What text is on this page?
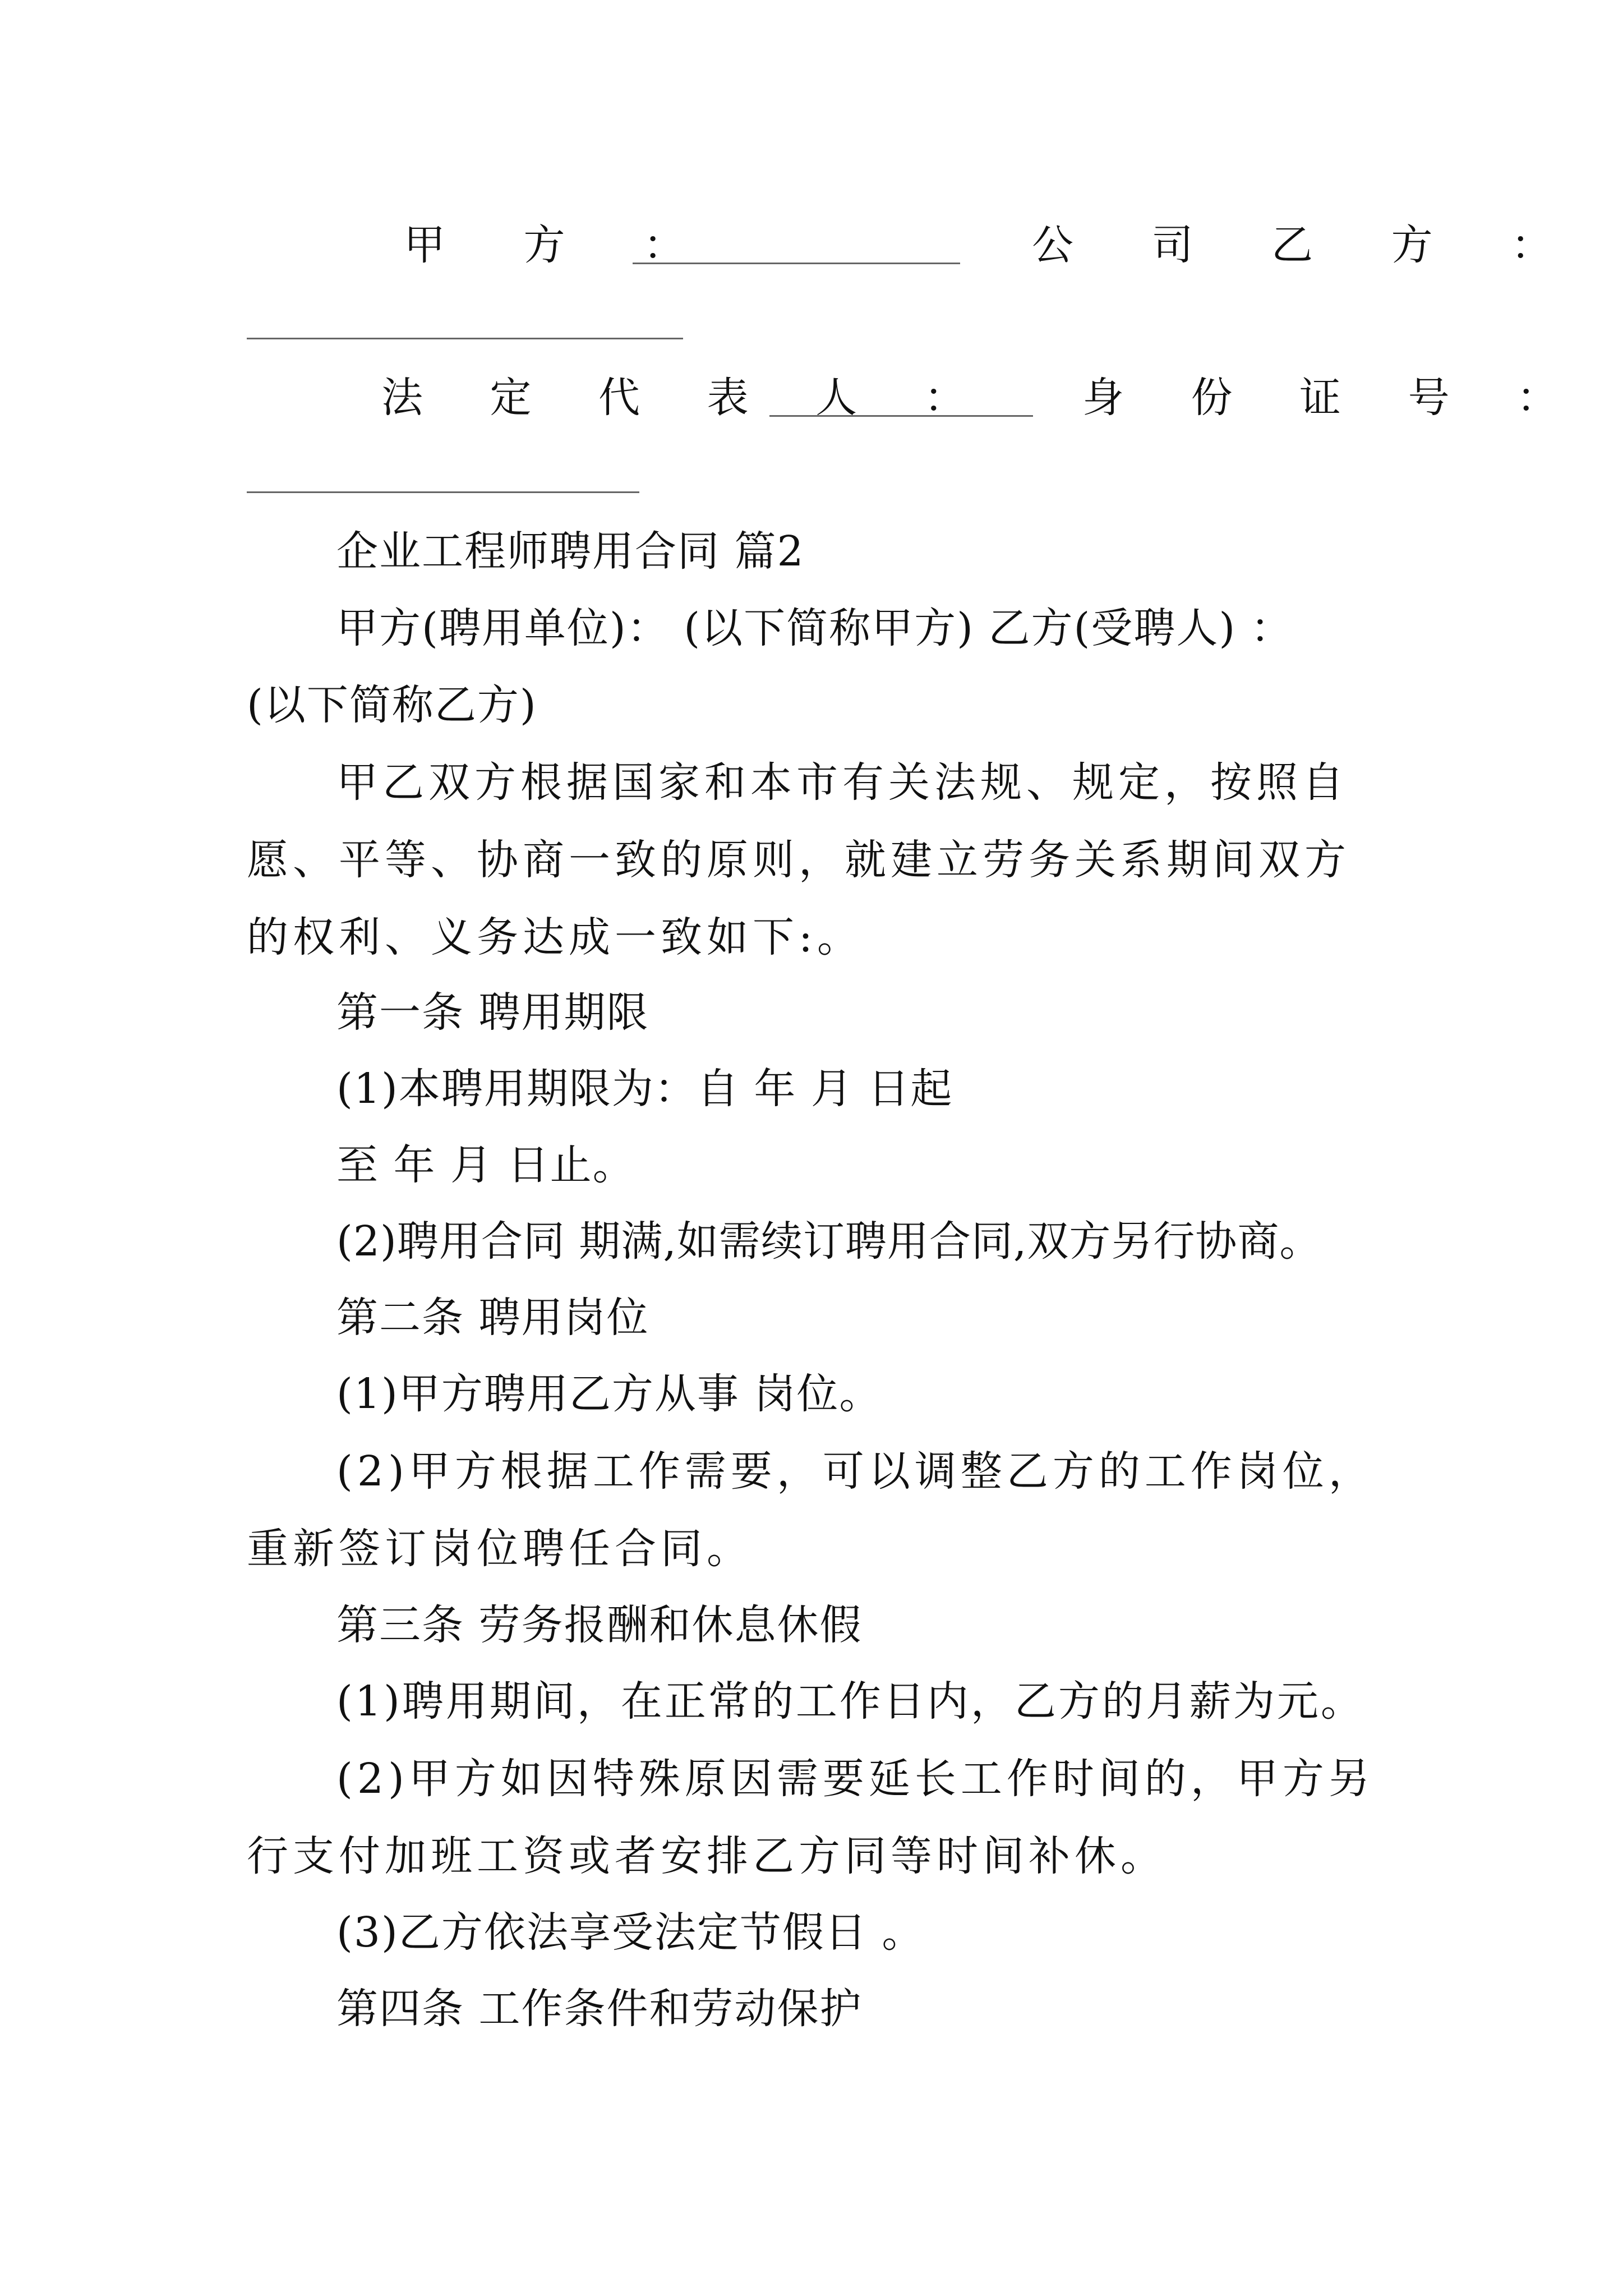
甲 方 ：	公 司 乙 方 ：
法 定 代 表 人 ： 身 份 证 号 ：
企业工程师聘用合同 篇2
甲方(聘用单位)： (以下简称甲方) 乙方(受聘人) ：
(以下简称乙方)
甲乙双方根据国家和本市有关法规、规定，按照自愿、平等、协商一致的原则，就建立劳务关系期间双方的权利、义务达成一致如下:。
第一条 聘用期限
(1)本聘用期限为：自 年 月 日起
至 年 月 日止。
(2)聘用合同 期满,如需续订聘用合同,双方另行协商。
第二条 聘用岗位
(1)甲方聘用乙方从事 岗位。
(2)甲方根据工作需要，可以调整乙方的工作岗位，重新签订岗位聘任合同。
第三条 劳务报酬和休息休假
(1)聘用期间，在正常的工作日内，乙方的月薪为元。
(2)甲方如因特殊原因需要延长工作时间的，甲方另行支付加班工资或者安排乙方同等时间补休。
(3)乙方依法享受法定节假日 。
第四条 工作条件和劳动保护
